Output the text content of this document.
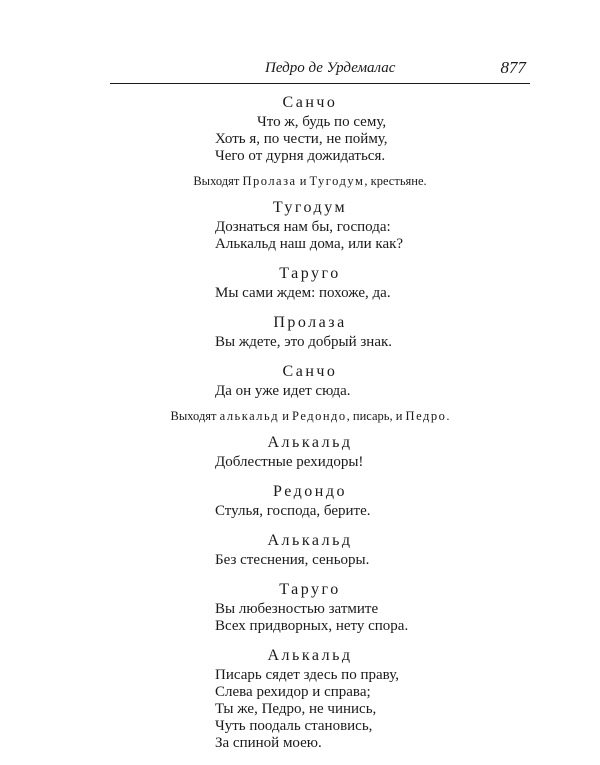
Педро де Урдемалас	877
Санчо
Что ж, будь по сему,
Хоть я, по чести, не пойму,
Чего от дурня дожидаться.
Выходят Пролаза и Тугодум, крестьяне.
Тугодум
Дознаться нам бы, господа:
Алькальд наш дома, или как?
Таруго
Мы сами ждем: похоже, да.
Пролаза
Вы ждете, это добрый знак.
Санчо
Да он уже идет сюда.
Выходят алькальд и Редондо, писарь, и Педро.
Алькальд
Доблестные рехидоры!
Редондо
Стулья, господа, берите.
Алькальд
Без стеснения, сеньоры.
Таруго
Вы любезностью затмите
Всех придворных, нету спора.
Алькальд
Писарь сядет здесь по праву,
Слева рехидор и справа;
Ты же, Педро, не чинись,
Чуть поодаль становись,
За спиной моею.
